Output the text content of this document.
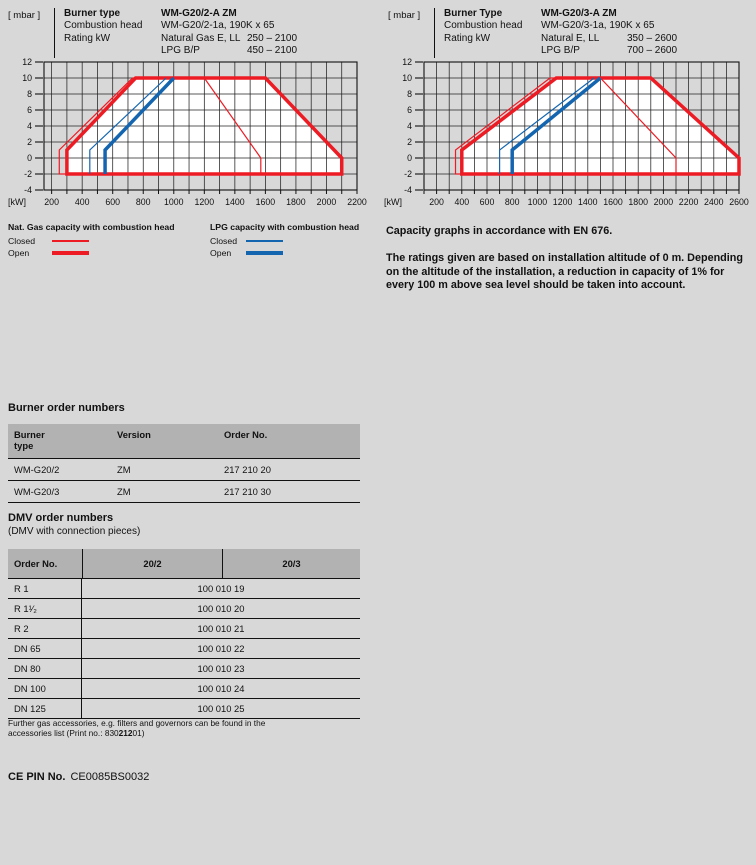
[ mbar ]	Burner type	WM-G20/2-A ZM
Combustion head	WM-G20/2-1a, 190K x 65
Rating kW	Natural Gas E, LL 250 – 2100
LPG B/P	450 – 2100
[ mbar ]	Burner Type	WM-G20/3-A ZM
Combustion head	WM-G20/3-1a, 190K x 65
Rating kW	Natural E, LL	350 – 2600
LPG B/P	700 – 2600
12
10
8
6
4
2
0
-2
-4
200 400 600 800 1000 1200 1400 1600 1800 2000 2200
[kW]
12
10
8
6
4
2
0
-2
-4
200 400 600 800 1000 1200 1400 1600 1800 2000 2200 2400 2600
[kW]
Nat. Gas capacity with combustion head
Closed
Open
LPG capacity with combustion head
Closed
Open

Capacity graphs in accordance with EN 676.

The ratings given are based on installation altitude of 0 m. Depending on the altitude of the installation, a reduction in capacity of 1% for every 100 m above sea level should be taken into account.

Burner order numbers
Burner type
Version	Order No.
WM-G20/2	ZM	217 210 20
WM-G20/3	ZM	217 210 30
DMV order numbers
(DMV with connection pieces)
Order No.	20/2	20/3
R 1	100 010 19
R 1¹⁄₂	100 010 20
R 2	100 010 21
DN 65	100 010 22
DN 80	100 010 23
DN 100	100 010 24
DN 125	100 010 25
Further gas accessories, e.g. filters and governors can be found in the
accessories list (Print no.: 83021201)
CE PIN No. CE0085BS0032
